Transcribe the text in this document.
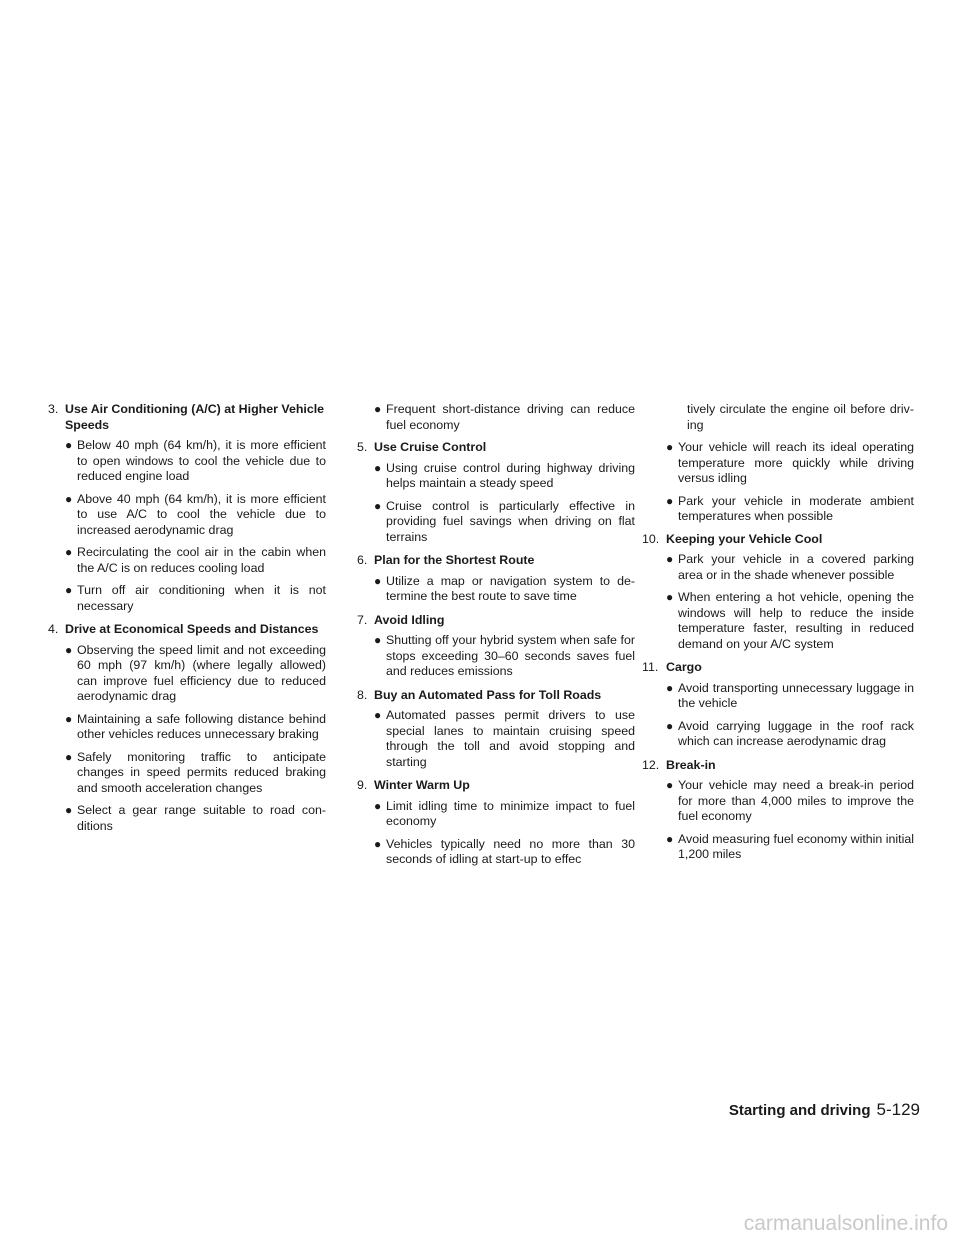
3. Use Air Conditioning (A/C) at Higher Vehicle Speeds
● Below 40 mph (64 km/h), it is more efficient to open windows to cool the vehicle due to reduced engine load
● Above 40 mph (64 km/h), it is more efficient to use A/C to cool the vehicle due to increased aerodynamic drag
● Recirculating the cool air in the cabin when the A/C is on reduces cooling load
● Turn off air conditioning when it is not necessary
4. Drive at Economical Speeds and Distances
● Observing the speed limit and not exceeding 60 mph (97 km/h) (where legally allowed) can improve fuel efficiency due to reduced aerodynamic drag
● Maintaining a safe following distance behind other vehicles reduces unnecessary braking
● Safely monitoring traffic to anticipate changes in speed permits reduced braking and smooth acceleration changes
● Select a gear range suitable to road conditions
● Frequent short-distance driving can reduce fuel economy
5. Use Cruise Control
● Using cruise control during highway driving helps maintain a steady speed
● Cruise control is particularly effective in providing fuel savings when driving on flat terrains
6. Plan for the Shortest Route
● Utilize a map or navigation system to determine the best route to save time
7. Avoid Idling
● Shutting off your hybrid system when safe for stops exceeding 30–60 seconds saves fuel and reduces emissions
8. Buy an Automated Pass for Toll Roads
● Automated passes permit drivers to use special lanes to maintain cruising speed through the toll and avoid stopping and starting
9. Winter Warm Up
● Limit idling time to minimize impact to fuel economy
● Vehicles typically need no more than 30 seconds of idling at start-up to effec
tively circulate the engine oil before driving
● Your vehicle will reach its ideal operating temperature more quickly while driving versus idling
● Park your vehicle in moderate ambient temperatures when possible
10. Keeping your Vehicle Cool
● Park your vehicle in a covered parking area or in the shade whenever possible
● When entering a hot vehicle, opening the windows will help to reduce the inside temperature faster, resulting in reduced demand on your A/C system
11. Cargo
● Avoid transporting unnecessary luggage in the vehicle
● Avoid carrying luggage in the roof rack which can increase aerodynamic drag
12. Break-in
● Your vehicle may need a break-in period for more than 4,000 miles to improve the fuel economy
● Avoid measuring fuel economy within initial 1,200 miles
Starting and driving 5-129
carmanualsonline.info
